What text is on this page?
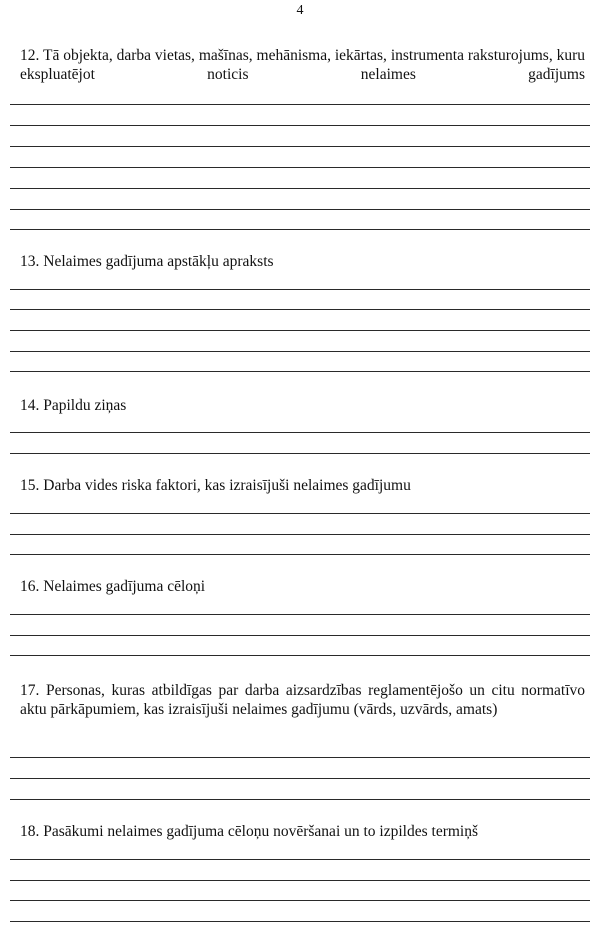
4
12. Tā objekta, darba vietas, mašīnas, mehānisma, iekārtas, instrumenta raksturojums, kuru ekspluatējot noticis nelaimes gadījums
13. Nelaimes gadījuma apstākļu apraksts
14. Papildu ziņas
15. Darba vides riska faktori, kas izraisījuši nelaimes gadījumu
16. Nelaimes gadījuma cēloņi
17. Personas, kuras atbildīgas par darba aizsardzības reglamentējošo un citu normatīvo aktu pārkāpumiem, kas izraisījuši nelaimes gadījumu (vārds, uzvārds, amats)
18. Pasākumi nelaimes gadījuma cēloņu novēršanai un to izpildes termiņš
